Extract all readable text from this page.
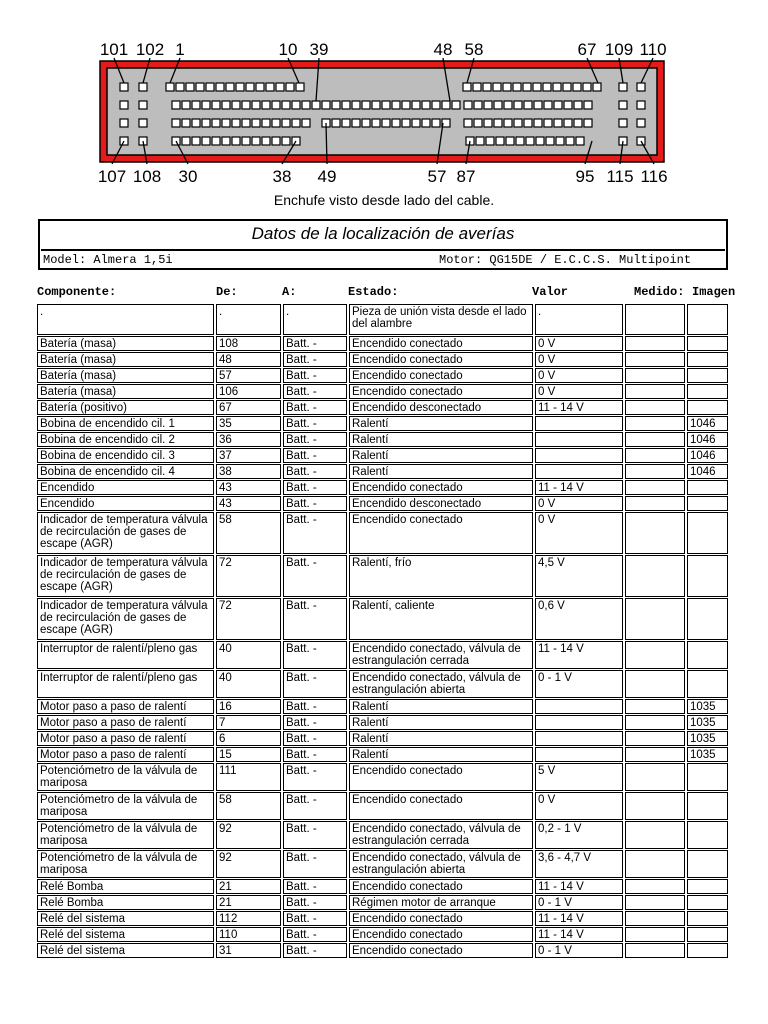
101 102 1	10 39	48 58	67 109 110
107 108 30	38 49	57 87	95 115 116
Enchufe visto desde lado del cable.
Datos de la localización de averías
Model: Almera 1,5i	Motor: QG15DE / E.C.C.S. Multipoint
Componente:	De:	A:	Estado:	Valor	Medido: Imagen
.	.	.	Pieza de unión vista desde el lado del alambre	.		
Batería (masa)	108	Batt. -	Encendido conectado	0 V		
Batería (masa)	48	Batt. -	Encendido conectado	0 V		
Batería (masa)	57	Batt. -	Encendido conectado	0 V		
Batería (masa)	106	Batt. -	Encendido conectado	0 V		
Batería (positivo)	67	Batt. -	Encendido desconectado	11 - 14 V		
Bobina de encendido cil. 1	35	Batt. -	Ralentí			1046
Bobina de encendido cil. 2	36	Batt. -	Ralentí			1046
Bobina de encendido cil. 3	37	Batt. -	Ralentí			1046
Bobina de encendido cil. 4	38	Batt. -	Ralentí			1046
Encendido	43	Batt. -	Encendido conectado	11 - 14 V		
Encendido	43	Batt. -	Encendido desconectado	0 V		
Indicador de temperatura válvula de recirculación de gases de escape (AGR)	58	Batt. -	Encendido conectado	0 V		
Indicador de temperatura válvula de recirculación de gases de escape (AGR)	72	Batt. -	Ralentí, frío	4,5 V		
Indicador de temperatura válvula de recirculación de gases de escape (AGR)	72	Batt. -	Ralentí, caliente	0,6 V		
Interruptor de ralentí/pleno gas	40	Batt. -	Encendido conectado, válvula de estrangulación cerrada	11 - 14 V		
Interruptor de ralentí/pleno gas	40	Batt. -	Encendido conectado, válvula de estrangulación abierta	0 - 1 V		
Motor paso a paso de ralentí	16	Batt. -	Ralentí			1035
Motor paso a paso de ralentí	7	Batt. -	Ralentí			1035
Motor paso a paso de ralentí	6	Batt. -	Ralentí			1035
Motor paso a paso de ralentí	15	Batt. -	Ralentí			1035
Potenciómetro de la válvula de mariposa	111	Batt. -	Encendido conectado	5 V		
Potenciómetro de la válvula de mariposa	58	Batt. -	Encendido conectado	0 V		
Potenciómetro de la válvula de mariposa	92	Batt. -	Encendido conectado, válvula de estrangulación cerrada	0,2 - 1 V		
Potenciómetro de la válvula de mariposa	92	Batt. -	Encendido conectado, válvula de estrangulación abierta	3,6 - 4,7 V		
Relé Bomba	21	Batt. -	Encendido conectado	11 - 14 V		
Relé Bomba	21	Batt. -	Régimen motor de arranque	0 - 1 V		
Relé del sistema	112	Batt. -	Encendido conectado	11 - 14 V		
Relé del sistema	110	Batt. -	Encendido conectado	11 - 14 V		
Relé del sistema	31	Batt. -	Encendido conectado	0 - 1 V		
